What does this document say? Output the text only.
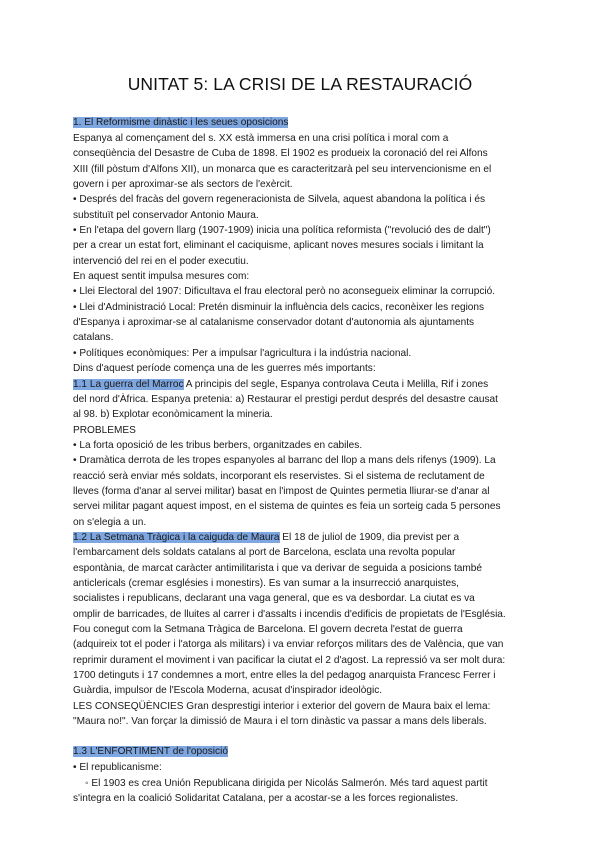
UNITAT 5: LA CRISI DE LA RESTAURACIÓ
1. El Reformisme dinàstic i les seues oposicions
Espanya al començament del s. XX està immersa en una crisi política i moral com a
conseqüència del Desastre de Cuba de 1898. El 1902 es produeix la coronació del rei Alfons
XIII (fill pòstum d'Alfons XII), un monarca que es caracteritzarà pel seu intervencionisme en el
govern i per aproximar-se als sectors de l'exèrcit.
• Després del fracàs del govern regeneracionista de Silvela, aquest abandona la política i és
substituït pel conservador Antonio Maura.
• En l'etapa del govern llarg (1907-1909) inicia una política reformista ("revolució des de dalt")
per a crear un estat fort, eliminant el caciquisme, aplicant noves mesures socials i limitant la
intervenció del rei en el poder executiu.
En aquest sentit impulsa mesures com:
• Llei Electoral del 1907: Dificultava el frau electoral però no aconsegueix eliminar la corrupció.
• Llei d'Administració Local: Pretén disminuir la influència dels cacics, reconèixer les regions
d'Espanya i aproximar-se al catalanisme conservador dotant d'autonomia als ajuntaments
catalans.
• Polítiques econòmiques: Per a impulsar l'agricultura i la indústria nacional.
Dins d'aquest període comença una de les guerres més importants:
1.1 La guerra del Marroc A principis del segle, Espanya controlava Ceuta i Melilla, Rif i zones
del nord d'Àfrica. Espanya pretenia: a) Restaurar el prestigi perdut després del desastre causat
al 98. b) Explotar econòmicament la mineria.
PROBLEMES
• La forta oposició de les tribus berbers, organitzades en cabiles.
• Dramàtica derrota de les tropes espanyoles al barranc del llop a mans dels rifenys (1909). La
reacció serà enviar més soldats, incorporant els reservistes. Si el sistema de reclutament de
lleves (forma d'anar al servei militar) basat en l'impost de Quintes permetia lliurar-se d'anar al
servei militar pagant aquest impost, en el sistema de quintes es feia un sorteig cada 5 persones
on s'elegia a un.
1.2 La Setmana Tràgica i la caiguda de Maura El 18 de juliol de 1909, dia previst per a
l'embarcament dels soldats catalans al port de Barcelona, esclata una revolta popular
espontània, de marcat caràcter antimilitarista i que va derivar de seguida a posicions també
anticlericals (cremar esglésies i monestirs). Es van sumar a la insurrecció anarquistes,
socialistes i republicans, declarant una vaga general, que es va desbordar. La ciutat es va
omplir de barricades, de lluites al carrer i d'assalts i incendis d'edificis de propietats de l'Església.
Fou conegut com la Setmana Tràgica de Barcelona. El govern decreta l'estat de guerra
(adquireix tot el poder i l'atorga als militars) i va enviar reforços militars des de València, que van
reprimir durament el moviment i van pacificar la ciutat el 2 d'agost. La repressió va ser molt dura:
1700 detinguts i 17 condemnes a mort, entre elles la del pedagog anarquista Francesc Ferrer i
Guàrdia, impulsor de l'Escola Moderna, acusat d'inspirador ideològic.
LES CONSEQÜÈNCIES Gran desprestigi interior i exterior del govern de Maura baix el lema:
"Maura no!". Van forçar la dimissió de Maura i el torn dinàstic va passar a mans dels liberals.
1.3 L'ENFORTIMENT de l'oposició
• El republicanisme:
◦ El 1903 es crea Unión Republicana dirigida per Nicolás Salmerón. Més tard aquest partit
s'integra en la coalició Solidaritat Catalana, per a acostar-se a les forces regionalistes.
